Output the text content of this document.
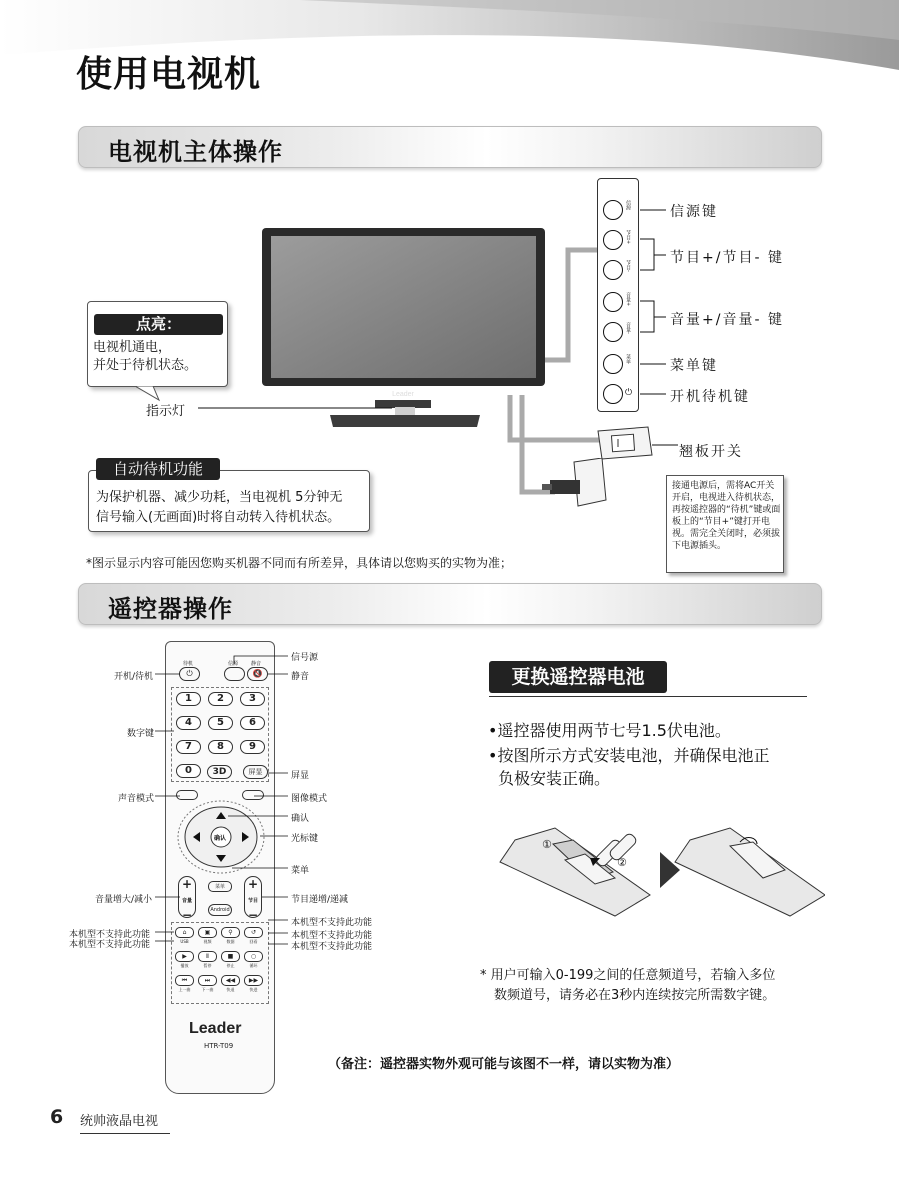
使用电视机
电视机主体操作
Leader
信源
节目+
节目-
音量+
音量-
菜单
⏻
信源键
节目+/节目- 键
音量+/音量- 键
菜单键
开机待机键
翘板开关
接通电源后，需将AC开关开启，电视进入待机状态，再按遥控器的“待机”键或面板上的“节目+”键打开电视。需完全关闭时，必须拔下电源插头。
点亮：
电视机通电，
并处于待机状态。
指示灯
自动待机功能
为保护机器、减少功耗，当电视机 5分钟无
信号输入(无画面)时将自动转入待机状态。
*图示显示内容可能因您购买机器不同而有所差异，具体请以您购买的实物为准；
遥控器操作
⏻
待机	信源
🔇
静音
1	2	3
4	5	6
7	8	9
0	3D	屏显
确认
+
音量
−
+
节目
−
菜单
Android
⌂
USB
▣
视频
⚲
数据
↺
回看
▶
播放
Ⅱ
暂停
■
停止
○
循环
⏮
上一曲
⏭
下一曲
◀◀
快退
▶▶
快进
Leader
HTR-T09
开机/待机
数字键
声音模式
音量增大/减小
本机型不支持此功能
本机型不支持此功能
信号源
静音
屏显
图像模式
确认
光标键
菜单
节目递增/递减
本机型不支持此功能
本机型不支持此功能
本机型不支持此功能
更换遥控器电池
•遥控器使用两节七号1.5伏电池。
•按图所示方式安装电池，并确保电池正
负极安装正确。
①
②
* 用户可输入0-199之间的任意频道号，若输入多位
数频道号，请务必在3秒内连续按完所需数字键。
（备注：遥控器实物外观可能与该图不一样，请以实物为准）
6 统帅液晶电视
